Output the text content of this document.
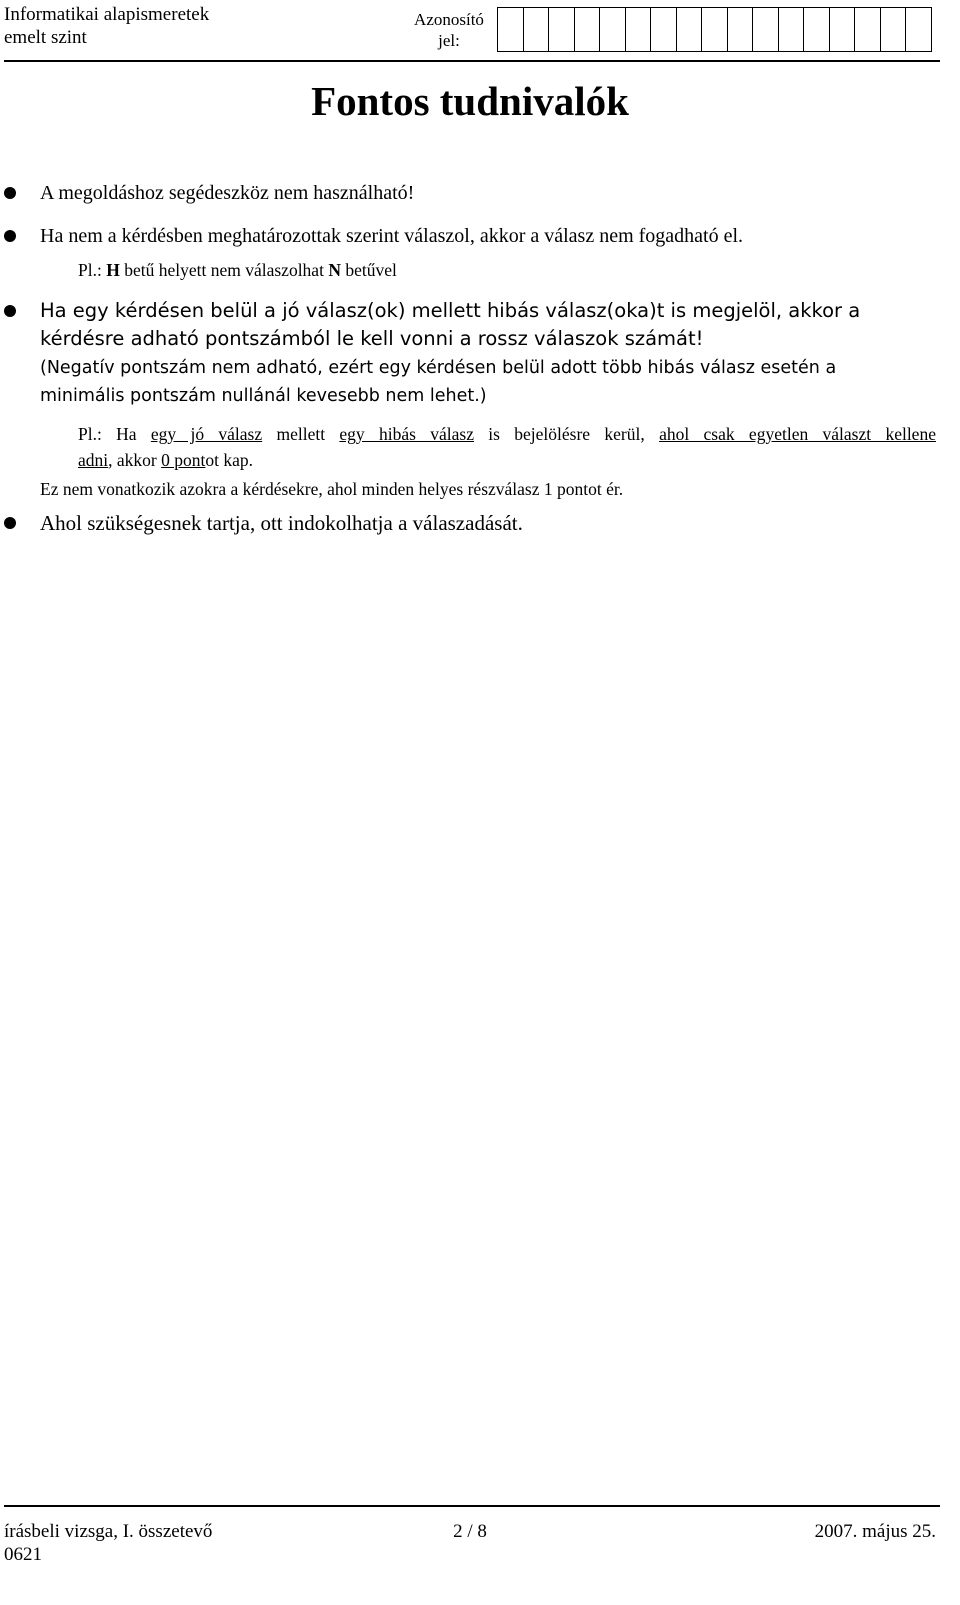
Informatikai alapismeretek
emelt szint
Azonosító
jel:
Fontos tudnivalók
A megoldáshoz segédeszköz nem használható!
Ha nem a kérdésben meghatározottak szerint válaszol, akkor a válasz nem fogadható el.
Pl.: H betű helyett nem válaszolhat N betűvel
Ha egy kérdésen belül a jó válasz(ok) mellett hibás válasz(oka)t is megjelöl, akkor a
kérdésre adható pontszámból le kell vonni a rossz válaszok számát!
(Negatív pontszám nem adható, ezért egy kérdésen belül adott több hibás válasz esetén a
minimális pontszám nullánál kevesebb nem lehet.)
Pl.: Ha egy jó válasz mellett egy hibás válasz is bejelölésre kerül, ahol csak egyetlen választ kellene
adni, akkor 0 pontot kap.
Ez nem vonatkozik azokra a kérdésekre, ahol minden helyes részválasz 1 pontot ér.
Ahol szükségesnek tartja, ott indokolhatja a válaszadását.
írásbeli vizsga, I. összetevő
0621
2 / 8	2007. május 25.
